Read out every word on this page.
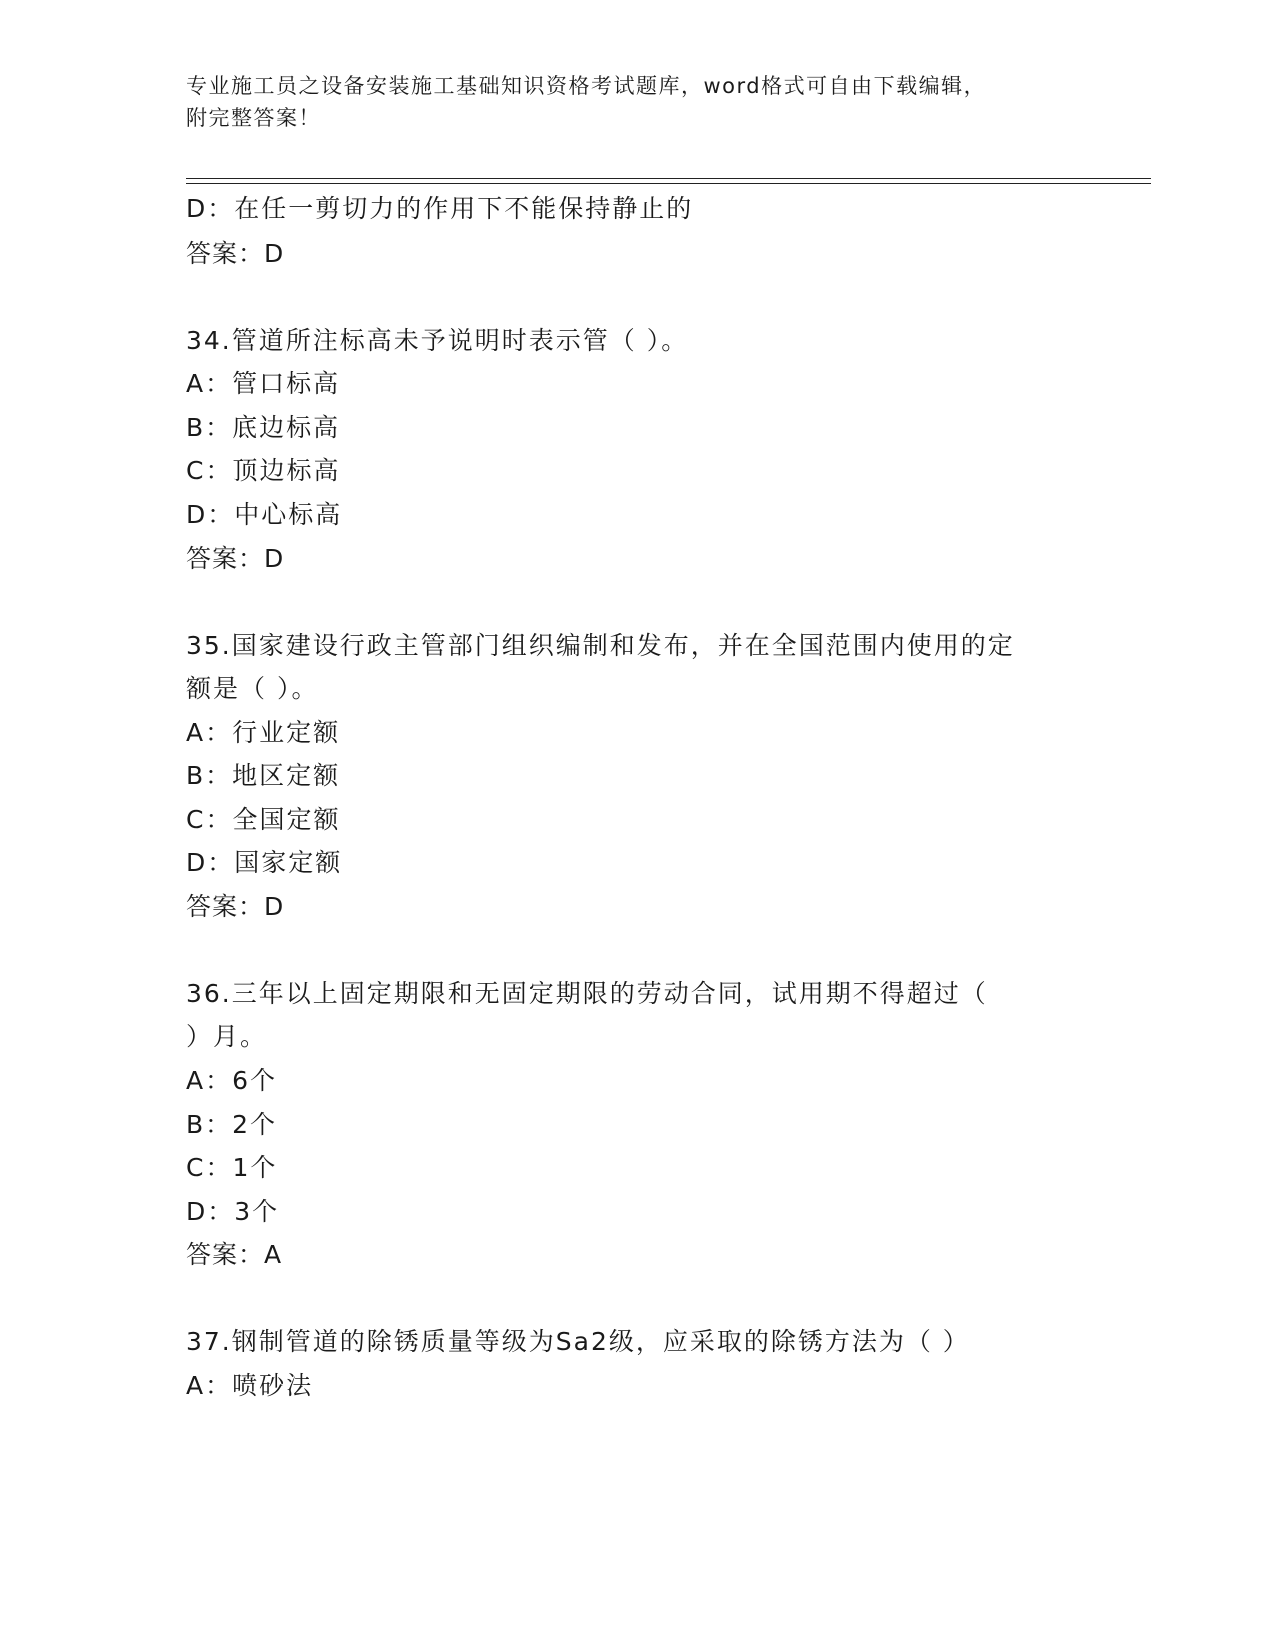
专业施工员之设备安装施工基础知识资格考试题库，word格式可自由下载编辑，
附完整答案！
D：在任一剪切力的作用下不能保持静止的
答案：D
34.管道所注标高未予说明时表示管（ ）。
A：管口标高
B：底边标高
C：顶边标高
D：中心标高
答案：D
35.国家建设行政主管部门组织编制和发布，并在全国范围内使用的定
额是（ ）。
A：行业定额
B：地区定额
C：全国定额
D：国家定额
答案：D
36.三年以上固定期限和无固定期限的劳动合同，试用期不得超过（
）月。
A：6个
B：2个
C：1个
D：3个
答案：A
37.钢制管道的除锈质量等级为Sa2级，应采取的除锈方法为（ ）
A：喷砂法
